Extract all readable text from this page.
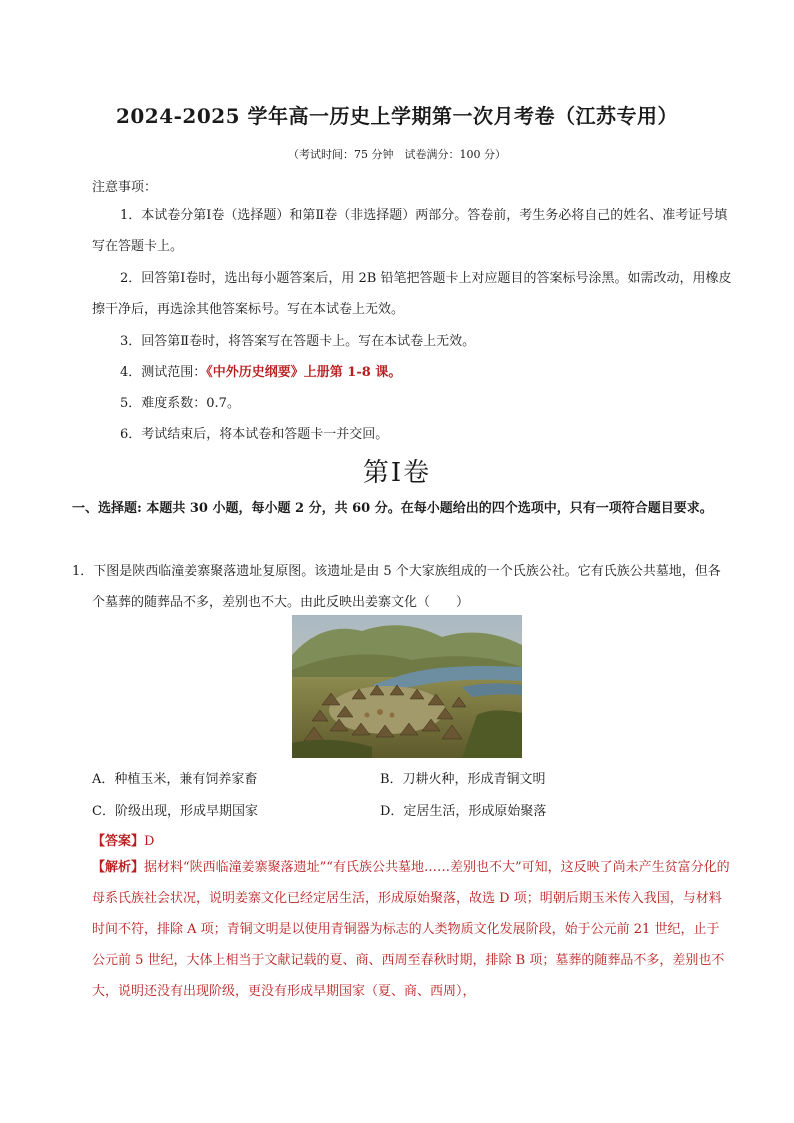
2024-2025 学年高一历史上学期第一次月考卷（江苏专用）
（考试时间：75 分钟　试卷满分：100 分）
注意事项：
1．本试卷分第Ⅰ卷（选择题）和第Ⅱ卷（非选择题）两部分。答卷前，考生务必将自己的姓名、准考证号填写在答题卡上。
2．回答第Ⅰ卷时，选出每小题答案后，用 2B 铅笔把答题卡上对应题目的答案标号涂黑。如需改动，用橡皮擦干净后，再选涂其他答案标号。写在本试卷上无效。
3．回答第Ⅱ卷时，将答案写在答题卡上。写在本试卷上无效。
4．测试范围：《中外历史纲要》上册第 1-8 课。
5．难度系数：0.7。
6．考试结束后，将本试卷和答题卡一并交回。
第Ⅰ卷
一、选择题: 本题共 30 小题，每小题 2 分，共 60 分。在每小题给出的四个选项中，只有一项符合题目要求。
1．下图是陕西临潼姜寨聚落遗址复原图。该遗址是由 5 个大家族组成的一个氏族公社。它有氏族公共墓地，但各个墓葬的随葬品不多，差别也不大。由此反映出姜寨文化（　　）
A．种植玉米，兼有饲养家畜	B．刀耕火种，形成青铜文明
C．阶级出现，形成早期国家	D．定居生活，形成原始聚落
【答案】D
【解析】据材料“陕西临潼姜寨聚落遗址”“有氏族公共墓地……差别也不大”可知，这反映了尚未产生贫富分化的母系氏族社会状况，说明姜寨文化已经定居生活，形成原始聚落，故选 D 项；明朝后期玉米传入我国，与材料时间不符，排除 A 项；青铜文明是以使用青铜器为标志的人类物质文化发展阶段，始于公元前 21 世纪，止于公元前 5 世纪，大体上相当于文献记载的夏、商、西周至春秋时期，排除 B 项；墓葬的随葬品不多，差别也不大，说明还没有出现阶级，更没有形成早期国家（夏、商、西周），
